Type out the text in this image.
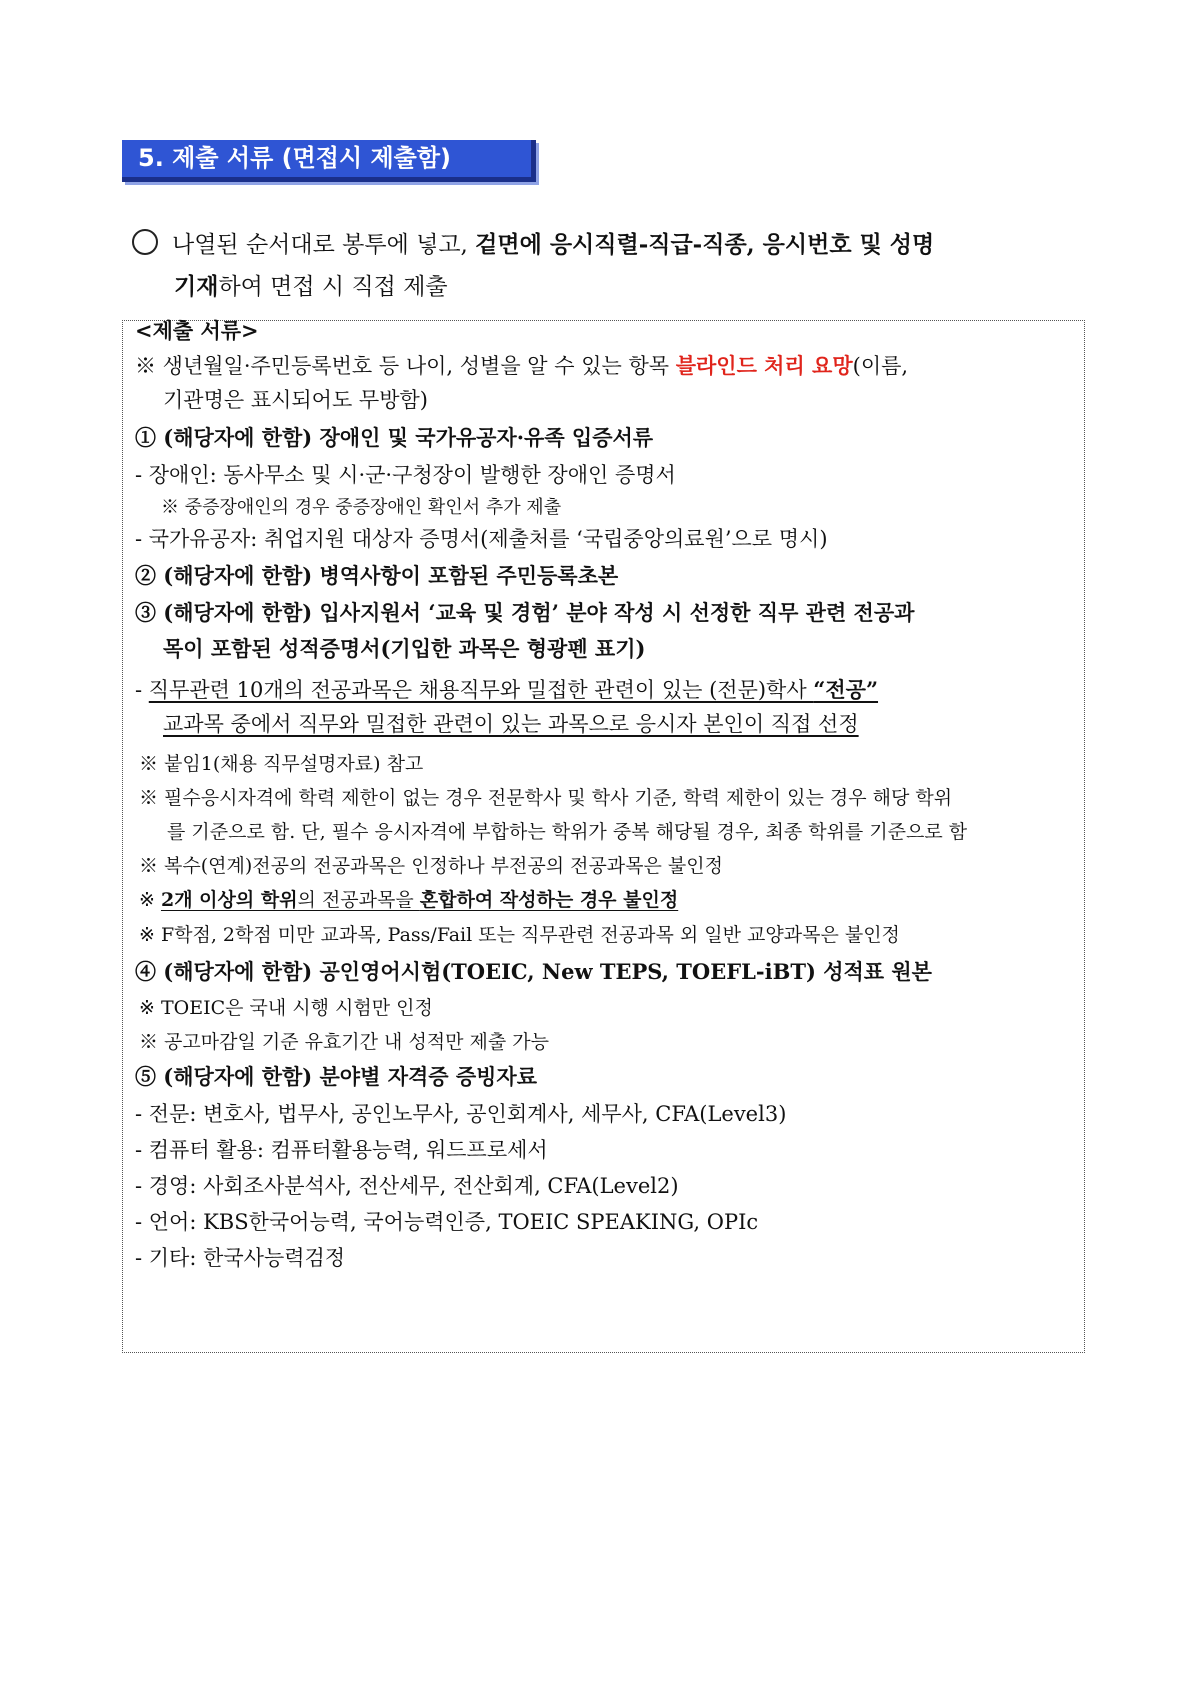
5. 제출 서류 (면접시 제출함)
나열된 순서대로 봉투에 넣고, 겉면에 응시직렬-직급-직종, 응시번호 및 성명
기재하여 면접 시 직접 제출
<제출 서류>
※ 생년월일·주민등록번호 등 나이, 성별을 알 수 있는 항목 블라인드 처리 요망(이름,
기관명은 표시되어도 무방함)
① (해당자에 한함) 장애인 및 국가유공자·유족 입증서류
- 장애인: 동사무소 및 시·군·구청장이 발행한 장애인 증명서
※ 중증장애인의 경우 중증장애인 확인서 추가 제출
- 국가유공자: 취업지원 대상자 증명서(제출처를 ‘국립중앙의료원’으로 명시)
② (해당자에 한함) 병역사항이 포함된 주민등록초본
③ (해당자에 한함) 입사지원서 ‘교육 및 경험’ 분야 작성 시 선정한 직무 관련 전공과
목이 포함된 성적증명서(기입한 과목은 형광펜 표기)
- 직무관련 10개의 전공과목은 채용직무와 밀접한 관련이 있는 (전문)학사 “전공”
교과목 중에서 직무와 밀접한 관련이 있는 과목으로 응시자 본인이 직접 선정
※ 붙임1(채용 직무설명자료) 참고
※ 필수응시자격에 학력 제한이 없는 경우 전문학사 및 학사 기준, 학력 제한이 있는 경우 해당 학위
를 기준으로 함. 단, 필수 응시자격에 부합하는 학위가 중복 해당될 경우, 최종 학위를 기준으로 함
※ 복수(연계)전공의 전공과목은 인정하나 부전공의 전공과목은 불인정
※ 2개 이상의 학위의 전공과목을 혼합하여 작성하는 경우 불인정
※ F학점, 2학점 미만 교과목, Pass/Fail 또는 직무관련 전공과목 외 일반 교양과목은 불인정
④ (해당자에 한함) 공인영어시험(TOEIC, New TEPS, TOEFL-iBT) 성적표 원본
※ TOEIC은 국내 시행 시험만 인정
※ 공고마감일 기준 유효기간 내 성적만 제출 가능
⑤ (해당자에 한함) 분야별 자격증 증빙자료
- 전문: 변호사, 법무사, 공인노무사, 공인회계사, 세무사, CFA(Level3)
- 컴퓨터 활용: 컴퓨터활용능력, 워드프로세서
- 경영: 사회조사분석사, 전산세무, 전산회계, CFA(Level2)
- 언어: KBS한국어능력, 국어능력인증, TOEIC SPEAKING, OPIc
- 기타: 한국사능력검정
